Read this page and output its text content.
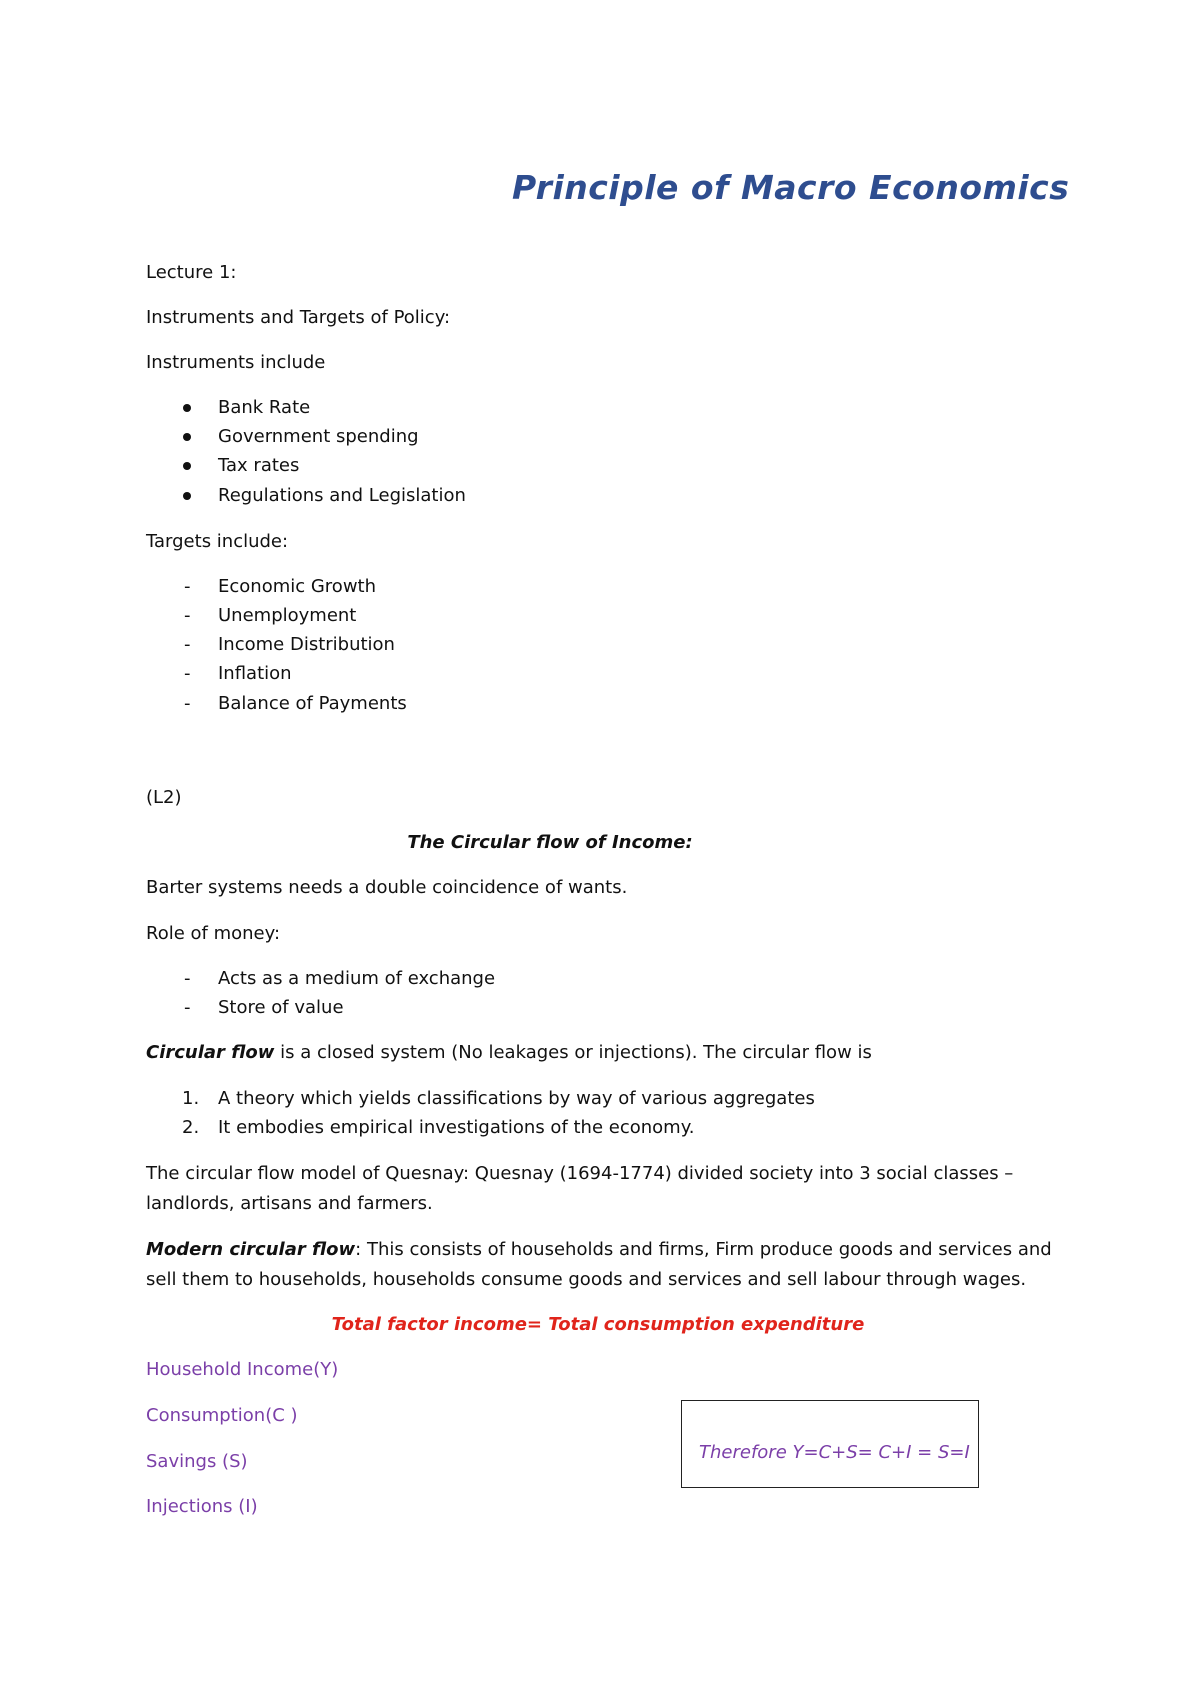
Principle of Macro Economics
Lecture 1:
Instruments and Targets of Policy:
Instruments include
Bank Rate
Government spending
Tax rates
Regulations and Legislation
Targets include:
- Economic Growth
- Unemployment
- Income Distribution
- Inflation
- Balance of Payments
(L2)
The Circular flow of Income:
Barter systems needs a double coincidence of wants.
Role of money:
- Acts as a medium of exchange
- Store of value
Circular flow is a closed system (No leakages or injections). The circular flow is
1. A theory which yields classifications by way of various aggregates
2. It embodies empirical investigations of the economy.
The circular flow model of Quesnay: Quesnay (1694-1774) divided society into 3 social classes –
landlords, artisans and farmers.
Modern circular flow: This consists of households and firms, Firm produce goods and services and
sell them to households, households consume goods and services and sell labour through wages.
Total factor income= Total consumption expenditure
Household Income(Y)
Consumption(C )
Savings (S)
Injections (I)
Therefore Y=C+S= C+I = S=I
